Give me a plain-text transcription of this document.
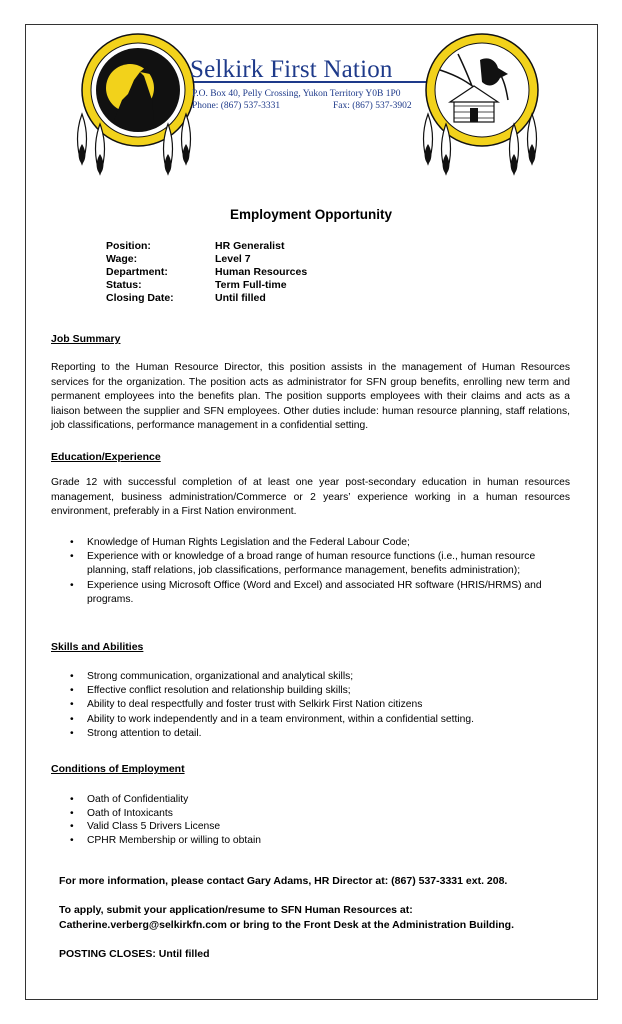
Selkirk First Nation
P.O. Box 40, Pelly Crossing, Yukon Territory Y0B 1P0
Phone: (867) 537-3331	Fax: (867) 537-3902
Employment Opportunity
Position:	HR Generalist
Wage:	Level 7
Department:	Human Resources
Status:	Term Full-time
Closing Date:	Until filled
Job Summary
Reporting to the Human Resource Director, this position assists in the management of Human Resources services for the organization. The position acts as administrator for SFN group benefits, enrolling new term and permanent employees into the benefits plan. The position supports employees with their claims and acts as a liaison between the supplier and SFN employees. Other duties include: human resource planning, staff relations, job classifications, performance management in a confidential setting.
Education/Experience
Grade 12 with successful completion of at least one year post-secondary education in human resources management, business administration/Commerce or 2 years’ experience working in a human resources environment, preferably in a First Nation environment.
• Knowledge of Human Rights Legislation and the Federal Labour Code;
• Experience with or knowledge of a broad range of human resource functions (i.e., human resource planning, staff relations, job classifications, performance management, benefits administration);
• Experience using Microsoft Office (Word and Excel) and associated HR software (HRIS/HRMS) and programs.
Skills and Abilities
• Strong communication, organizational and analytical skills;
• Effective conflict resolution and relationship building skills;
• Ability to deal respectfully and foster trust with Selkirk First Nation citizens
• Ability to work independently and in a team environment, within a confidential setting.
• Strong attention to detail.
Conditions of Employment
• Oath of Confidentiality
• Oath of Intoxicants
• Valid Class 5 Drivers License
• CPHR Membership or willing to obtain
For more information, please contact Gary Adams, HR Director at: (867) 537-3331 ext. 208.
To apply, submit your application/resume to SFN Human Resources at:
Catherine.verberg@selkirkfn.com or bring to the Front Desk at the Administration Building.
POSTING CLOSES: Until filled
